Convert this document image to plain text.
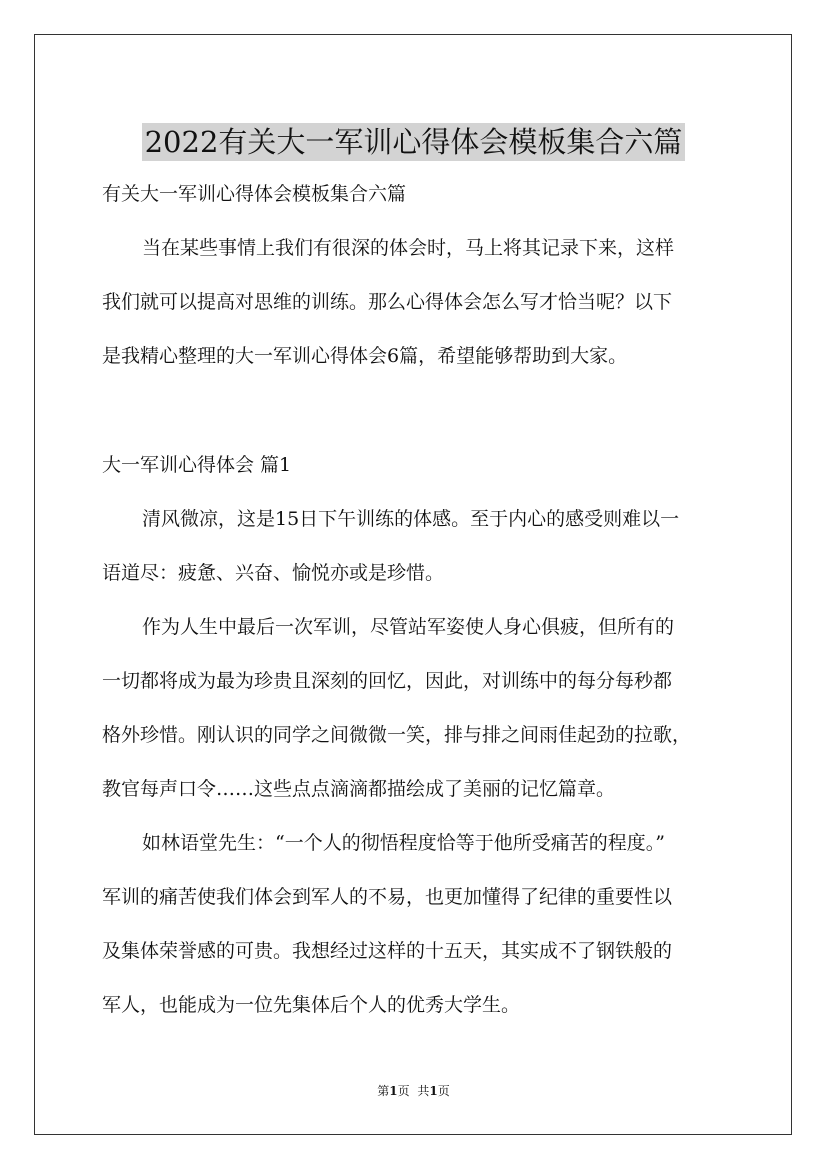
2022有关大一军训心得体会模板集合六篇
有关大一军训心得体会模板集合六篇
当在某些事情上我们有很深的体会时，马上将其记录下来，这样
我们就可以提高对思维的训练。那么心得体会怎么写才恰当呢？以下
是我精心整理的大一军训心得体会6篇，希望能够帮助到大家。
大一军训心得体会 篇1
清风微凉，这是15日下午训练的体感。至于内心的感受则难以一
语道尽：疲惫、兴奋、愉悦亦或是珍惜。
作为人生中最后一次军训，尽管站军姿使人身心俱疲，但所有的
一切都将成为最为珍贵且深刻的回忆，因此，对训练中的每分每秒都
格外珍惜。刚认识的同学之间微微一笑，排与排之间雨佳起劲的拉歌，
教官每声口令……这些点点滴滴都描绘成了美丽的记忆篇章。
如林语堂先生：“一个人的彻悟程度恰等于他所受痛苦的程度。”
军训的痛苦使我们体会到军人的不易，也更加懂得了纪律的重要性以
及集体荣誉感的可贵。我想经过这样的十五天，其实成不了钢铁般的
军人，也能成为一位先集体后个人的优秀大学生。
第1页 共1页
